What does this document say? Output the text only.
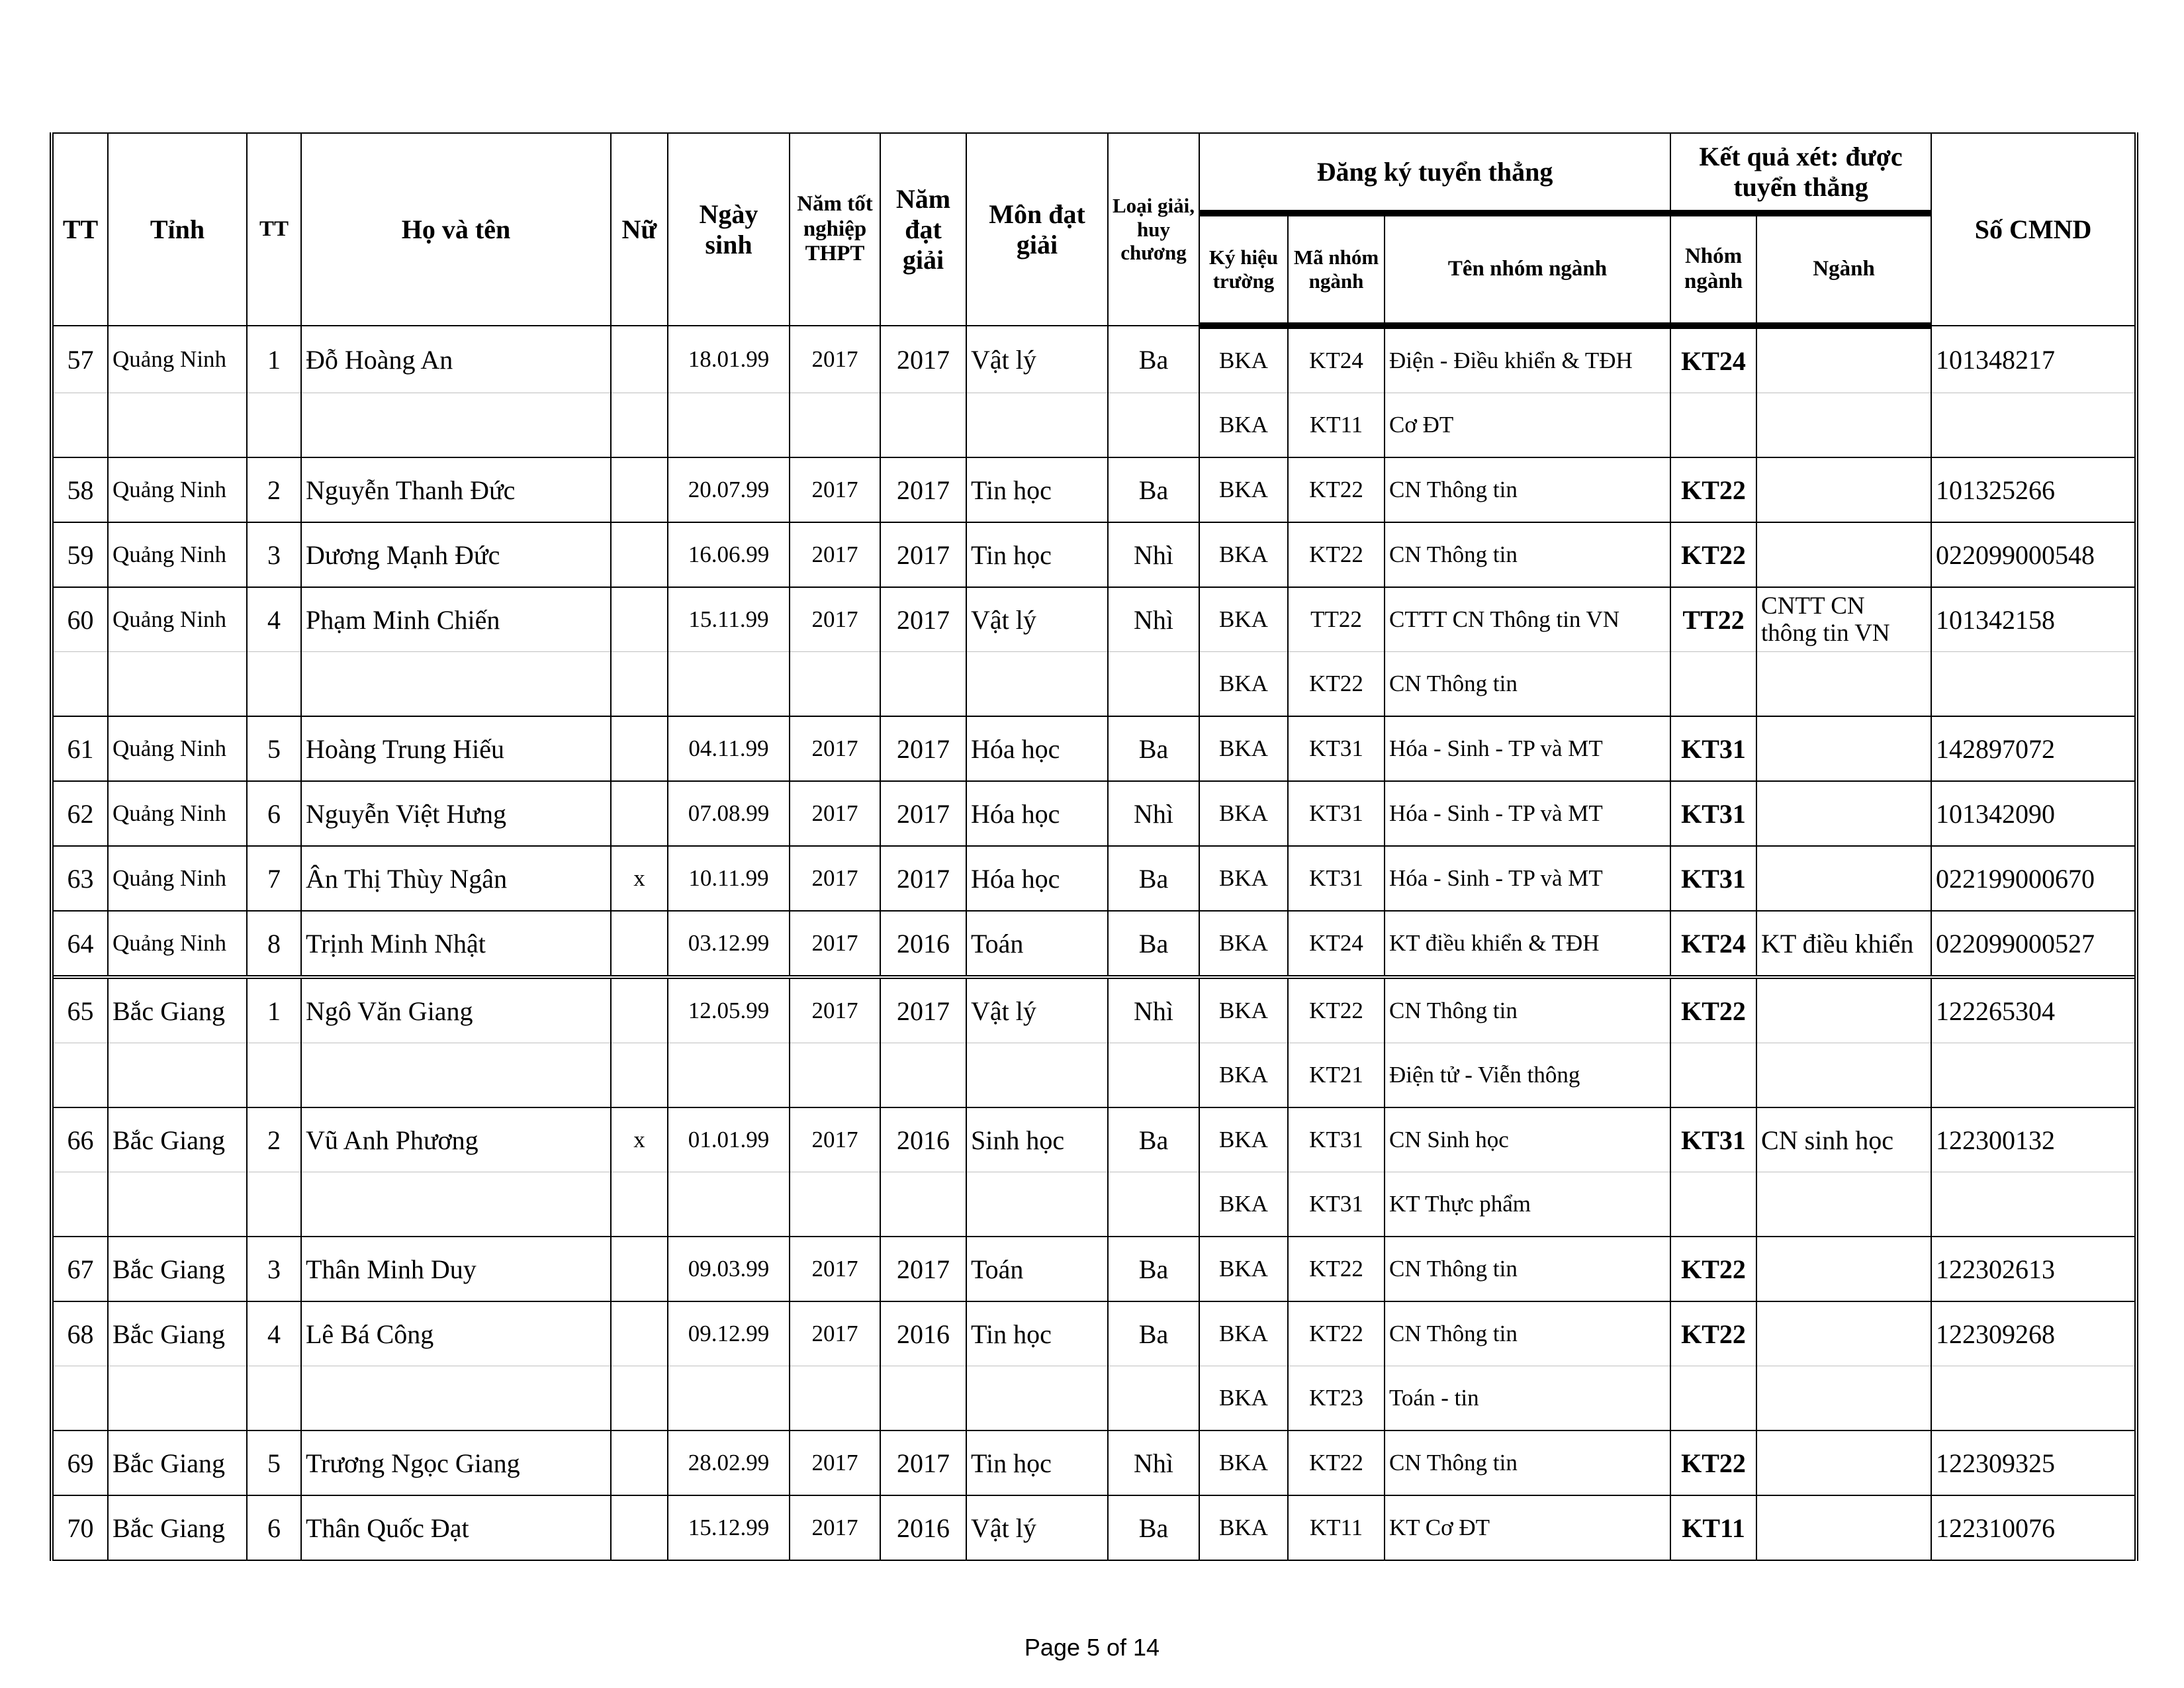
TT	Tỉnh	TT	Họ và tên	Nữ	Ngày sinh	Năm tốt nghiệp THPT	Năm đạt giải	Môn đạt giải	Loại giải, huy chương	Đăng ký tuyển thẳng			Kết quả xét: được tuyển thẳng		Số CMND
										Ký hiệu trường	Mã nhóm ngành	Tên nhóm ngành	Nhóm ngành	Ngành	
57	Quảng Ninh	1	Đỗ Hoàng An		18.01.99	2017	2017	Vật lý	Ba	BKA	KT24	Điện - Điều khiển & TĐH	KT24		101348217
										BKA	KT11	Cơ ĐT			
58	Quảng Ninh	2	Nguyễn Thanh Đức		20.07.99	2017	2017	Tin học	Ba	BKA	KT22	CN Thông tin	KT22		101325266
59	Quảng Ninh	3	Dương Mạnh Đức		16.06.99	2017	2017	Tin học	Nhì	BKA	KT22	CN Thông tin	KT22		022099000548
60	Quảng Ninh	4	Phạm Minh Chiến		15.11.99	2017	2017	Vật lý	Nhì	BKA	TT22	CTTT CN Thông tin VN	TT22	CNTT CN thông tin VN	101342158
										BKA	KT22	CN Thông tin			
61	Quảng Ninh	5	Hoàng Trung Hiếu		04.11.99	2017	2017	Hóa học	Ba	BKA	KT31	Hóa - Sinh - TP và MT	KT31		142897072
62	Quảng Ninh	6	Nguyễn Việt Hưng		07.08.99	2017	2017	Hóa học	Nhì	BKA	KT31	Hóa - Sinh - TP và MT	KT31		101342090
63	Quảng Ninh	7	Ân Thị Thùy Ngân	x	10.11.99	2017	2017	Hóa học	Ba	BKA	KT31	Hóa - Sinh - TP và MT	KT31		022199000670
64	Quảng Ninh	8	Trịnh Minh Nhật		03.12.99	2017	2016	Toán	Ba	BKA	KT24	KT điều khiển & TĐH	KT24	KT điều khiển	022099000527
65	Bắc Giang	1	Ngô Văn Giang		12.05.99	2017	2017	Vật lý	Nhì	BKA	KT22	CN Thông tin	KT22		122265304
										BKA	KT21	Điện tử - Viễn thông			
66	Bắc Giang	2	Vũ Anh Phương	x	01.01.99	2017	2016	Sinh học	Ba	BKA	KT31	CN Sinh học	KT31	CN sinh học	122300132
										BKA	KT31	KT Thực phẩm			
67	Bắc Giang	3	Thân Minh Duy		09.03.99	2017	2017	Toán	Ba	BKA	KT22	CN Thông tin	KT22		122302613
68	Bắc Giang	4	Lê Bá Công		09.12.99	2017	2016	Tin học	Ba	BKA	KT22	CN Thông tin	KT22		122309268
										BKA	KT23	Toán - tin			
69	Bắc Giang	5	Trương Ngọc Giang		28.02.99	2017	2017	Tin học	Nhì	BKA	KT22	CN Thông tin	KT22		122309325
70	Bắc Giang	6	Thân Quốc Đạt		15.12.99	2017	2016	Vật lý	Ba	BKA	KT11	KT Cơ ĐT	KT11		122310076
Page 5 of 14
